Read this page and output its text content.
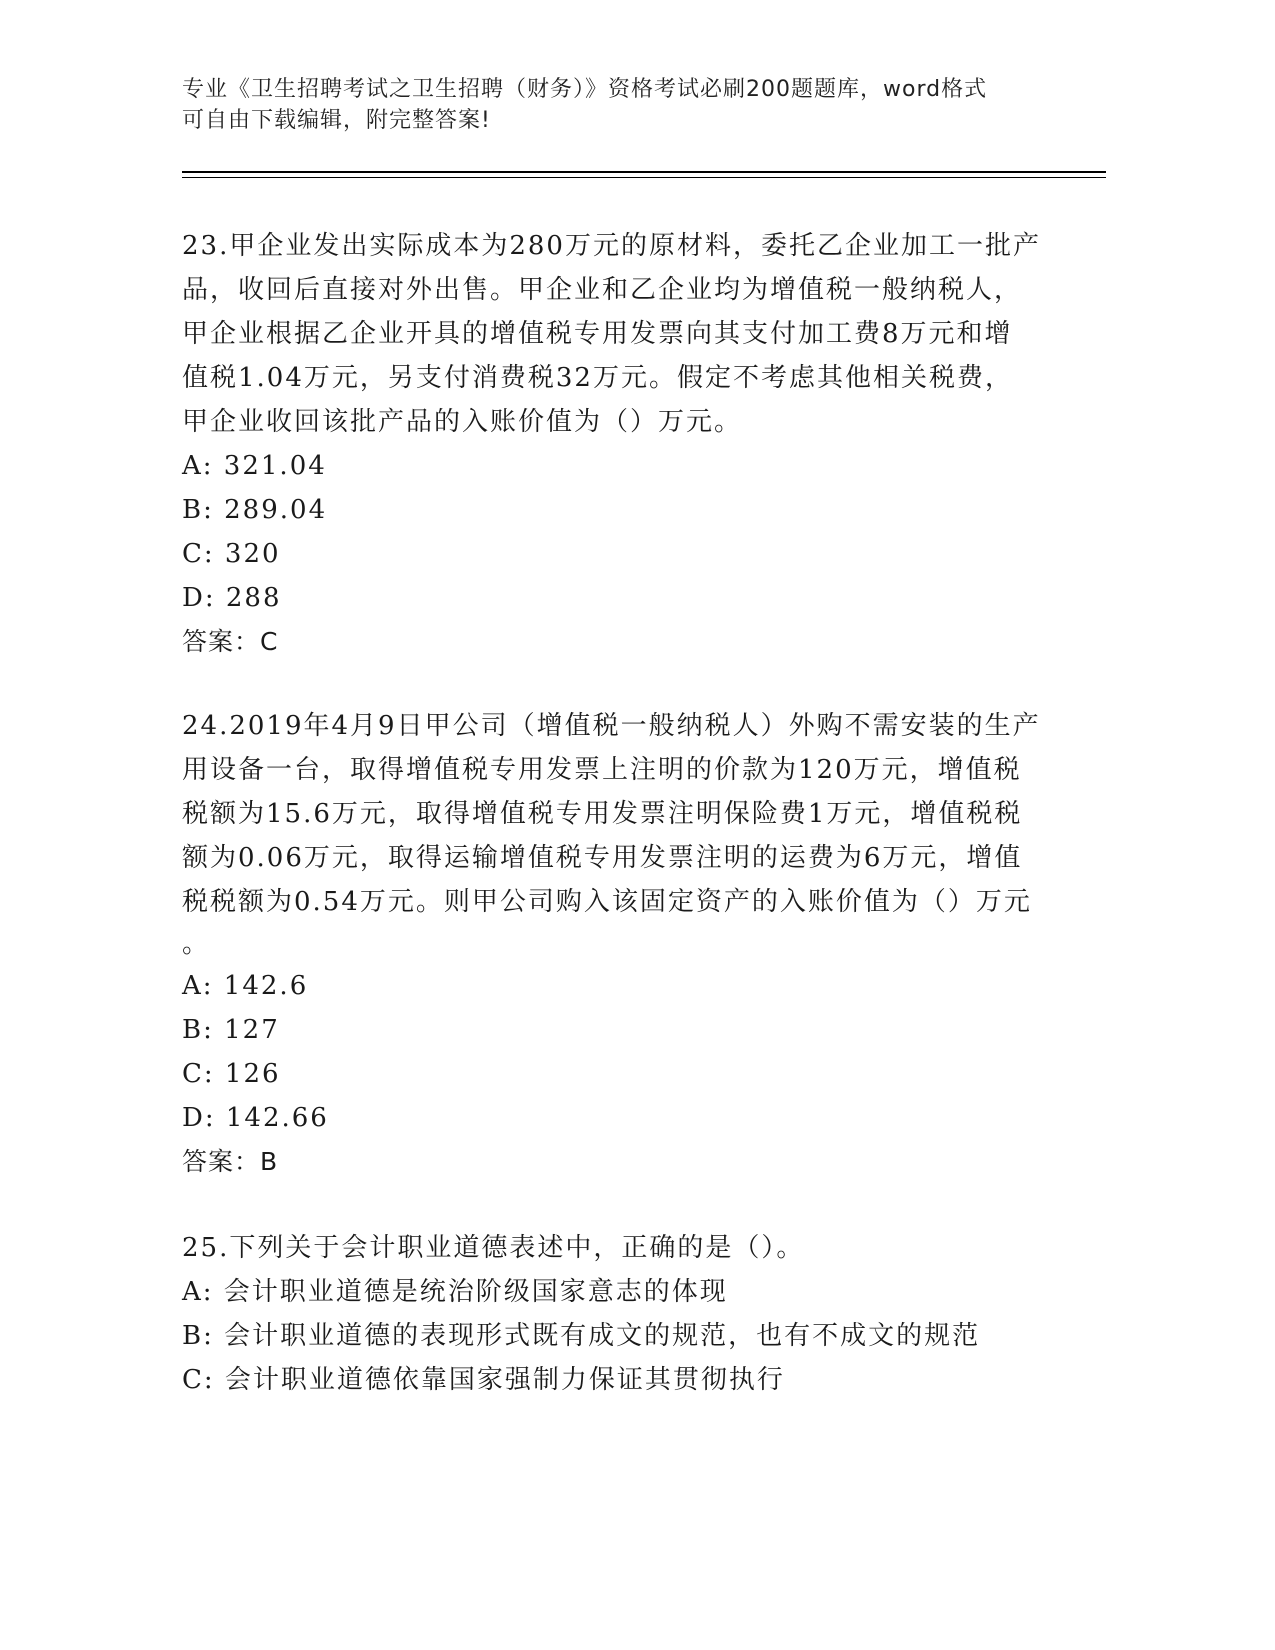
专业《卫生招聘考试之卫生招聘（财务）》资格考试必刷200题题库，word格式
可自由下载编辑，附完整答案!
23.甲企业发出实际成本为280万元的原材料，委托乙企业加工一批产
品，收回后直接对外出售。甲企业和乙企业均为增值税一般纳税人，
甲企业根据乙企业开具的增值税专用发票向其支付加工费8万元和增
值税1.04万元，另支付消费税32万元。假定不考虑其他相关税费，
甲企业收回该批产品的入账价值为（）万元。
A: 321.04
B: 289.04
C: 320
D: 288
答案：C
24.2019年4月9日甲公司（增值税一般纳税人）外购不需安装的生产
用设备一台，取得增值税专用发票上注明的价款为120万元，增值税
税额为15.6万元，取得增值税专用发票注明保险费1万元，增值税税
额为0.06万元，取得运输增值税专用发票注明的运费为6万元，增值
税税额为0.54万元。则甲公司购入该固定资产的入账价值为（）万元
。
A: 142.6
B: 127
C: 126
D: 142.66
答案：B
25.下列关于会计职业道德表述中，正确的是（）。
A: 会计职业道德是统治阶级国家意志的体现
B: 会计职业道德的表现形式既有成文的规范，也有不成文的规范
C: 会计职业道德依靠国家强制力保证其贯彻执行
